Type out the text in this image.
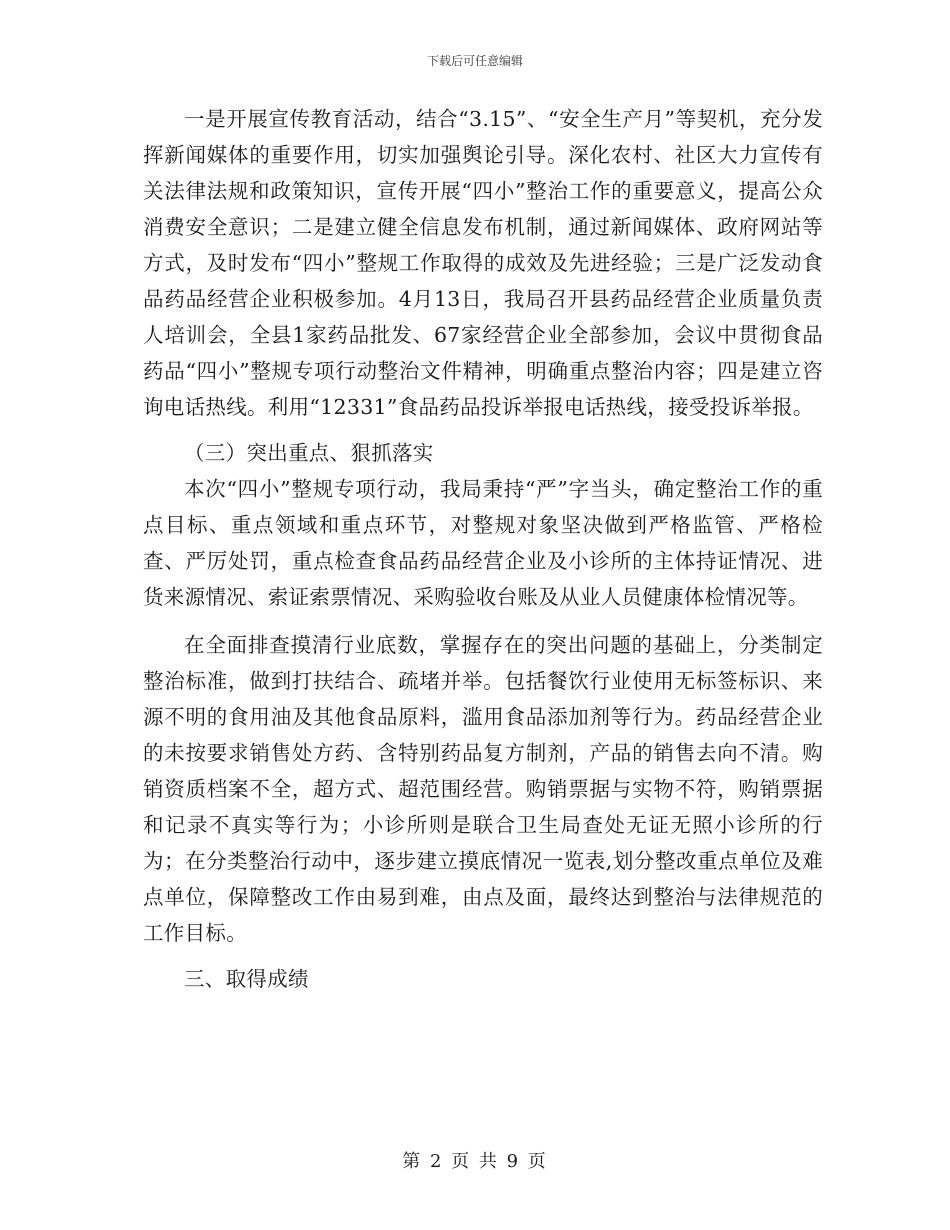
下载后可任意编辑

一是开展宣传教育活动，结合“3.15”、“安全生产月”等契机，充分发挥新闻媒体的重要作用，切实加强舆论引导。深化农村、社区大力宣传有关法律法规和政策知识，宣传开展“四小”整治工作的重要意义，提高公众消费安全意识；二是建立健全信息发布机制，通过新闻媒体、政府网站等方式，及时发布“四小”整规工作取得的成效及先进经验；三是广泛发动食品药品经营企业积极参加。4月13日，我局召开县药品经营企业质量负责人培训会，全县1家药品批发、67家经营企业全部参加，会议中贯彻食品药品“四小”整规专项行动整治文件精神，明确重点整治内容；四是建立咨询电话热线。利用“12331”食品药品投诉举报电话热线，接受投诉举报。

（三）突出重点、狠抓落实

本次“四小”整规专项行动，我局秉持“严”字当头，确定整治工作的重点目标、重点领域和重点环节，对整规对象坚决做到严格监管、严格检查、严厉处罚，重点检查食品药品经营企业及小诊所的主体持证情况、进货来源情况、索证索票情况、采购验收台账及从业人员健康体检情况等。

在全面排查摸清行业底数，掌握存在的突出问题的基础上，分类制定整治标准，做到打扶结合、疏堵并举。包括餐饮行业使用无标签标识、来源不明的食用油及其他食品原料，滥用食品添加剂等行为。药品经营企业的未按要求销售处方药、含特别药品复方制剂，产品的销售去向不清。购销资质档案不全，超方式、超范围经营。购销票据与实物不符，购销票据和记录不真实等行为；小诊所则是联合卫生局查处无证无照小诊所的行为；在分类整治行动中，逐步建立摸底情况一览表,划分整改重点单位及难点单位，保障整改工作由易到难，由点及面，最终达到整治与法律规范的工作目标。

三、取得成绩

第 2 页 共 9 页
